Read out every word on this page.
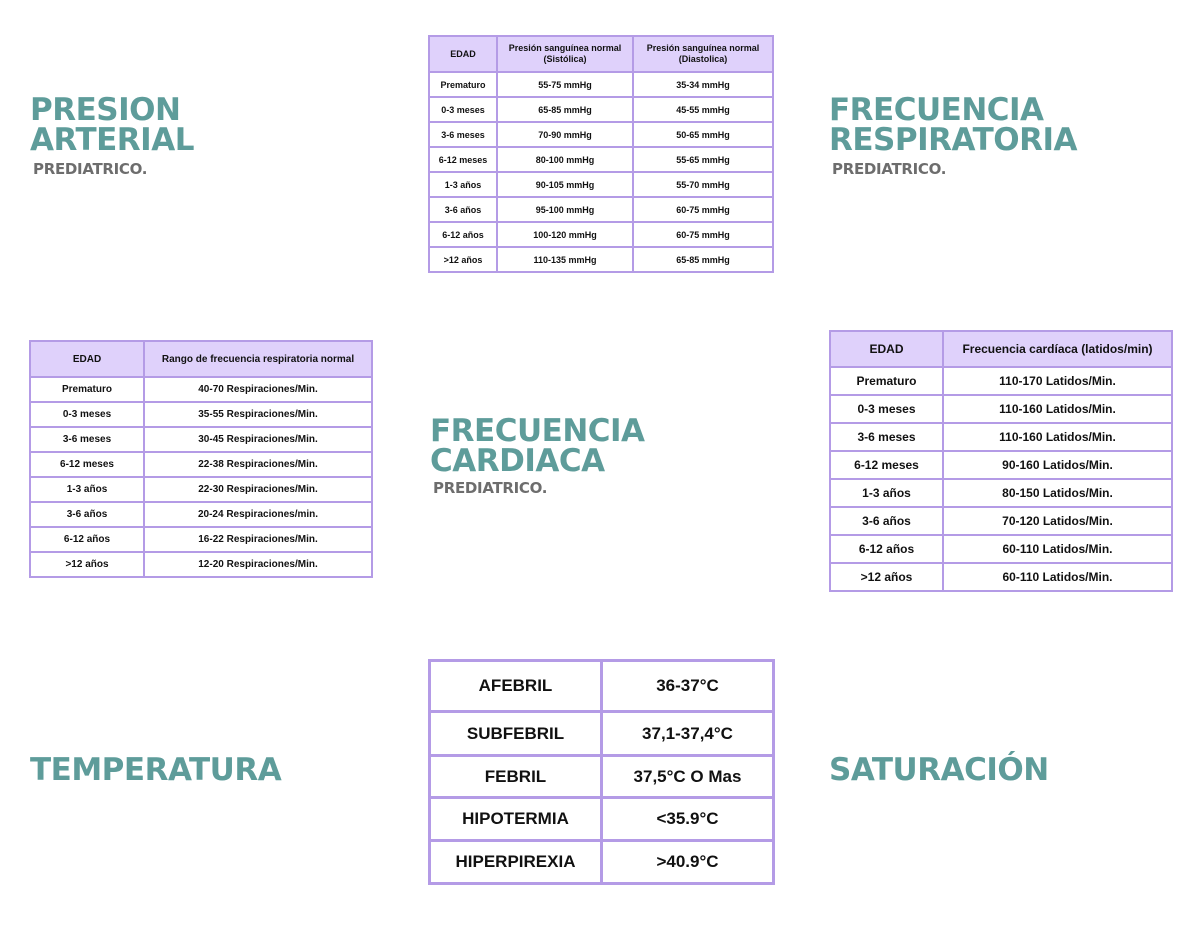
PRESION
ARTERIAL

PREDIATRICO.

FRECUENCIA
RESPIRATORIA

PREDIATRICO.

FRECUENCIA
CARDIACA

PREDIATRICO.

TEMPERATURA	SATURACIÓN
EDAD	Presión sanguínea normal (Sistólica)	Presión sanguínea normal (Diastolica)
Prematuro	55-75 mmHg	35-34 mmHg
0-3 meses	65-85 mmHg	45-55 mmHg
3-6 meses	70-90 mmHg	50-65 mmHg
6-12 meses	80-100 mmHg	55-65 mmHg
1-3 años	90-105 mmHg	55-70 mmHg
3-6 años	95-100 mmHg	60-75 mmHg
6-12 años	100-120 mmHg	60-75 mmHg
>12 años	110-135 mmHg	65-85 mmHg
EDAD	Rango de frecuencia respiratoria normal
Prematuro	40-70 Respiraciones/Min.
0-3 meses	35-55 Respiraciones/Min.
3-6 meses	30-45 Respiraciones/Min.
6-12 meses	22-38 Respiraciones/Min.
1-3 años	22-30 Respiraciones/Min.
3-6 años	20-24 Respiraciones/min.
6-12 años	16-22 Respiraciones/Min.
>12 años	12-20 Respiraciones/Min.
EDAD	Frecuencia cardíaca (latidos/min)
Prematuro	110-170 Latidos/Min.
0-3 meses	110-160 Latidos/Min.
3-6 meses	110-160 Latidos/Min.
6-12 meses	90-160 Latidos/Min.
1-3 años	80-150 Latidos/Min.
3-6 años	70-120 Latidos/Min.
6-12 años	60-110 Latidos/Min.
>12 años	60-110 Latidos/Min.
AFEBRIL	36-37°C
SUBFEBRIL	37,1-37,4°C
FEBRIL	37,5°C O Mas
HIPOTERMIA	<35.9°C
HIPERPIREXIA	>40.9°C
